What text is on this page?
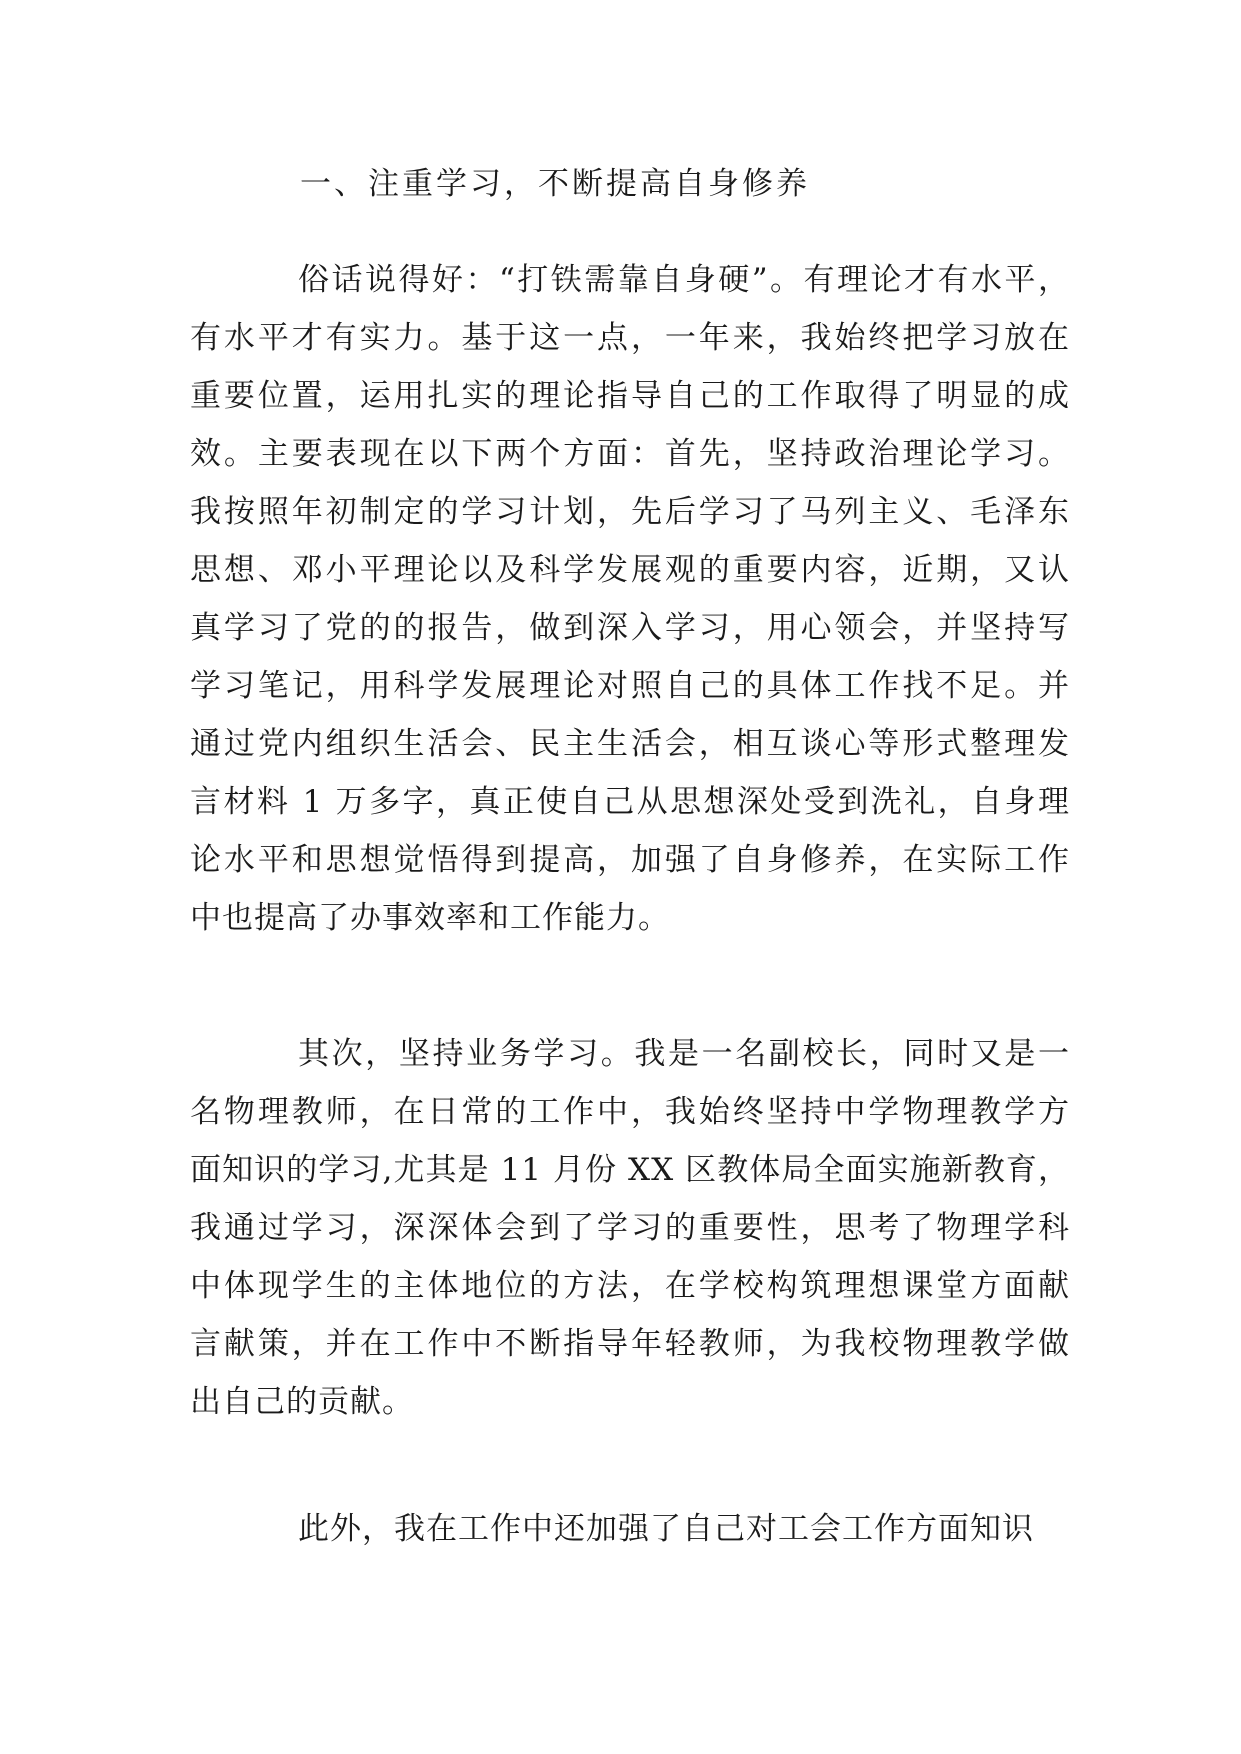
一、注重学习，不断提高自身修养
俗话说得好：“打铁需靠自身硬”。有理论才有水平，
有水平才有实力。基于这一点，一年来，我始终把学习放在
重要位置，运用扎实的理论指导自己的工作取得了明显的成
效。主要表现在以下两个方面：首先，坚持政治理论学习。
我按照年初制定的学习计划，先后学习了马列主义、毛泽东
思想、邓小平理论以及科学发展观的重要内容，近期，又认
真学习了党的的报告，做到深入学习，用心领会，并坚持写
学习笔记，用科学发展理论对照自己的具体工作找不足。并
通过党内组织生活会、民主生活会，相互谈心等形式整理发
言材料 1 万多字，真正使自己从思想深处受到洗礼，自身理
论水平和思想觉悟得到提高，加强了自身修养，在实际工作
中也提高了办事效率和工作能力。
其次，坚持业务学习。我是一名副校长，同时又是一
名物理教师，在日常的工作中，我始终坚持中学物理教学方
面知识的学习,尤其是 11 月份 XX 区教体局全面实施新教育，
我通过学习，深深体会到了学习的重要性，思考了物理学科
中体现学生的主体地位的方法，在学校构筑理想课堂方面献
言献策，并在工作中不断指导年轻教师，为我校物理教学做
出自己的贡献。
此外，我在工作中还加强了自己对工会工作方面知识
